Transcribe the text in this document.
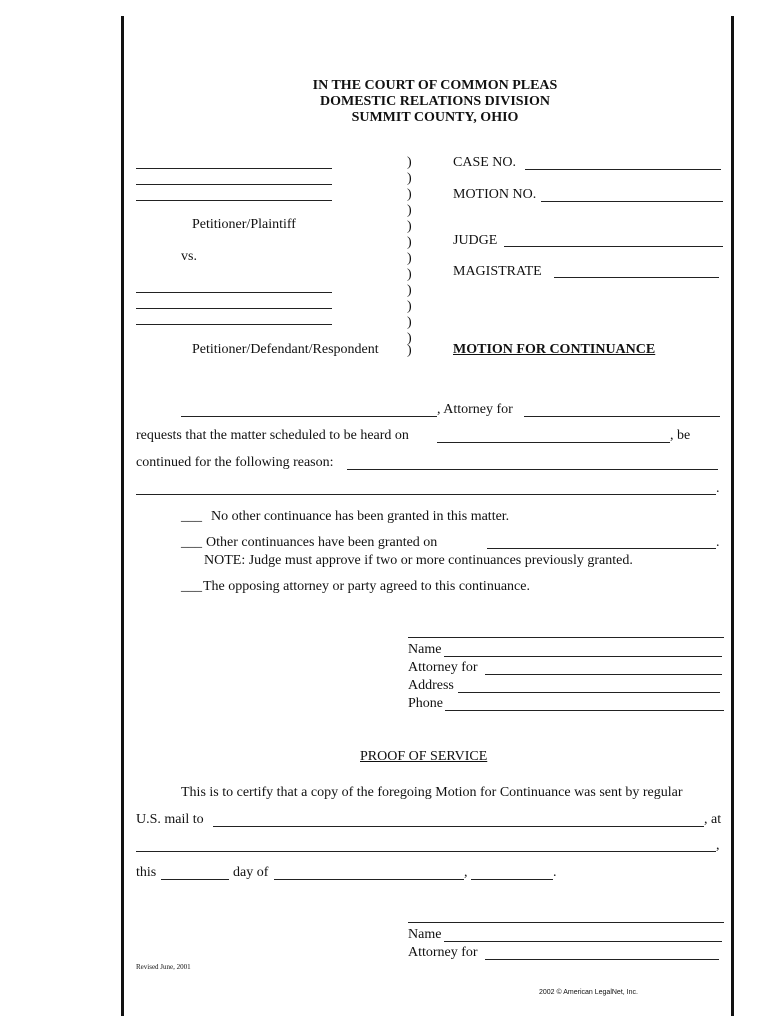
IN THE COURT OF COMMON PLEAS
DOMESTIC RELATIONS DIVISION
SUMMIT COUNTY, OHIO
Petitioner/Plaintiff
vs.
Petitioner/Defendant/Respondent
)
)
)
)
)
)
)
)
)
)
)
)
)
CASE NO.
MOTION NO.
JUDGE
MAGISTRATE
MOTION FOR CONTINUANCE
, Attorney for
requests that the matter scheduled to be heard on	, be
continued for the following reason:
.
___ No other continuance has been granted in this matter.
___ Other continuances have been granted on	.
NOTE: Judge must approve if two or more continuances previously granted.
___ The opposing attorney or party agreed to this continuance.
Name
Attorney for
Address
Phone
PROOF OF SERVICE
This is to certify that a copy of the foregoing Motion for Continuance was sent by regular
U.S. mail to	, at
,
this	day of	,	.
Name
Attorney for
Revised June, 2001
2002 © American LegalNet, Inc.
